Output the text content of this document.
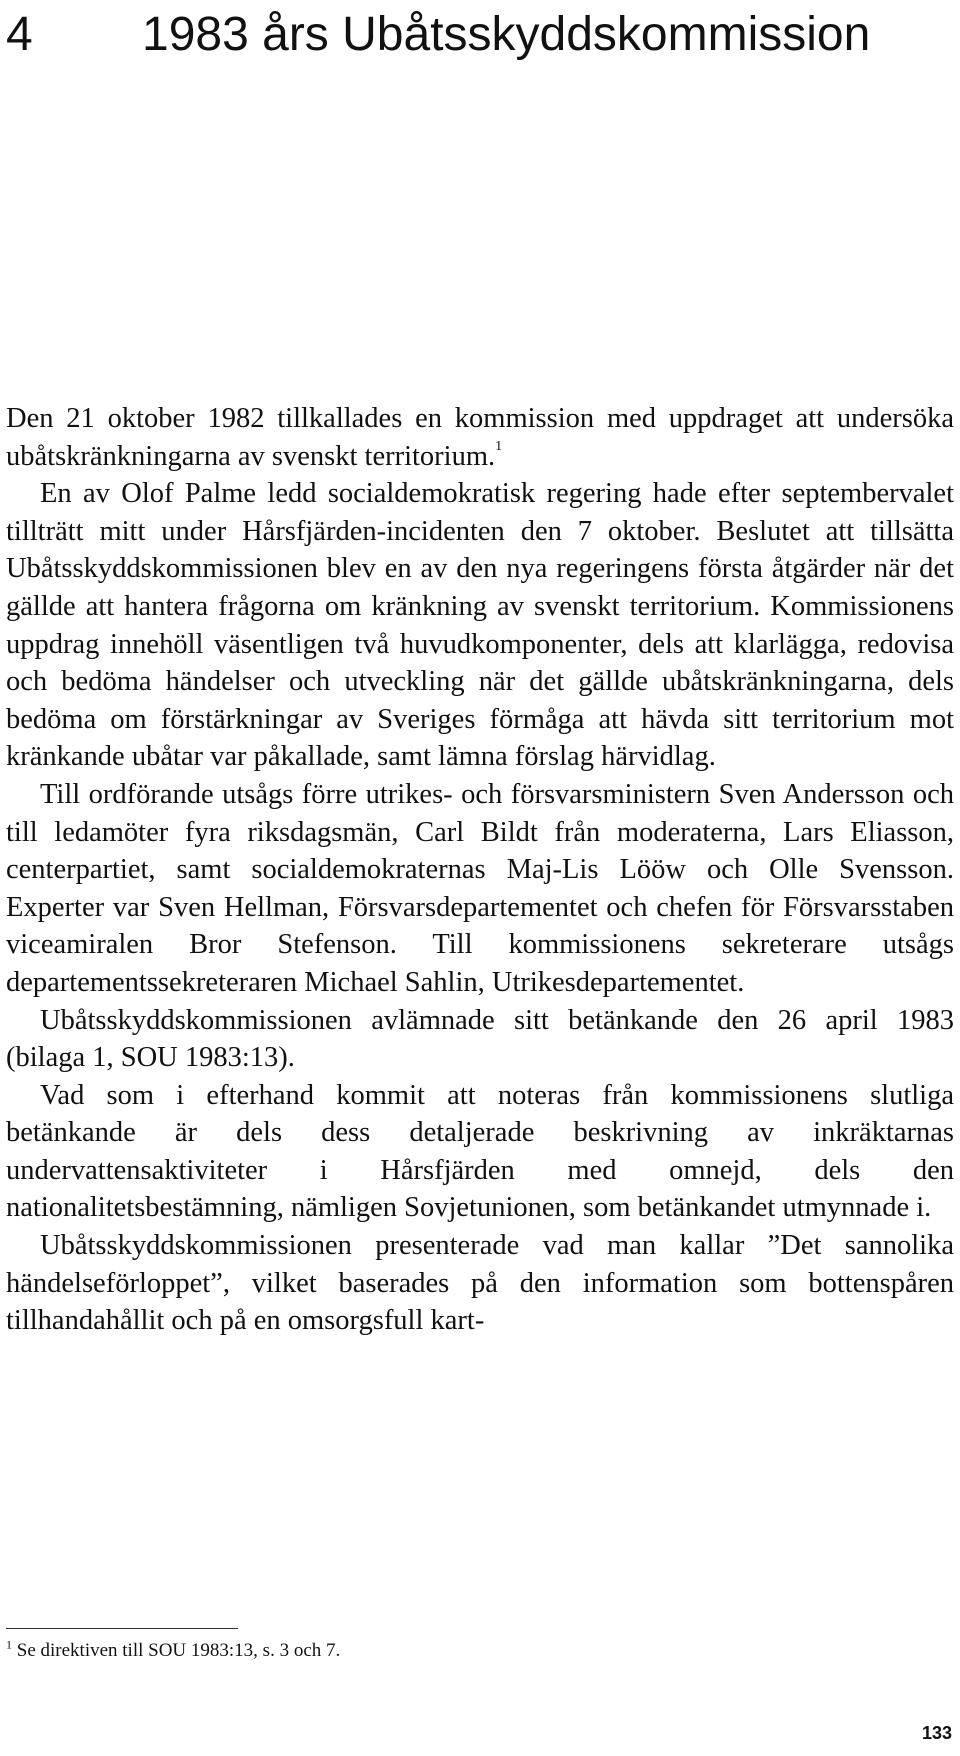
4 1983 års Ubåtsskyddskommission

Den 21 oktober 1982 tillkallades en kommission med uppdraget att undersöka ubåtskränkningarna av svenskt territorium.$^1$

En av Olof Palme ledd socialdemokratisk regering hade efter septembervalet tillträtt mitt under Hårsfjärden-incidenten den 7 oktober. Beslutet att tillsätta Ubåtsskyddskommissionen blev en av den nya regeringens första åtgärder när det gällde att hantera frågorna om kränkning av svenskt territorium. Kommissionens uppdrag innehöll väsentligen två huvudkomponenter, dels att klarlägga, redovisa och bedöma händelser och utveckling när det gällde ubåtskränkningarna, dels bedöma om förstärkningar av Sveriges förmåga att hävda sitt territorium mot kränkande ubåtar var påkallade, samt lämna förslag härvidlag.

Till ordförande utsågs förre utrikes- och försvarsministern Sven Andersson och till ledamöter fyra riksdagsmän, Carl Bildt från moderaterna, Lars Eliasson, centerpartiet, samt socialdemokraternas Maj-Lis Lööw och Olle Svensson. Experter var Sven Hellman, Försvarsdepartementet och chefen för Försvarsstaben viceamiralen Bror Stefenson. Till kommissionens sekreterare utsågs departementssekreteraren Michael Sahlin, Utrikesdepartementet.

Ubåtsskyddskommissionen avlämnade sitt betänkande den 26 april 1983 (bilaga 1, SOU 1983:13).

Vad som i efterhand kommit att noteras från kommissionens slutliga betänkande är dels dess detaljerade beskrivning av inkräktarnas undervattensaktiviteter i Hårsfjärden med omnejd, dels den nationalitetsbestämning, nämligen Sovjetunionen, som betänkandet utmynnade i.

Ubåtsskyddskommissionen presenterade vad man kallar ”Det sannolika händelseförloppet”, vilket baserades på den information som bottenspåren tillhandahållit och på en omsorgsfull kart-

$^1$ Se direktiven till SOU 1983:13, s. 3 och 7.
133
